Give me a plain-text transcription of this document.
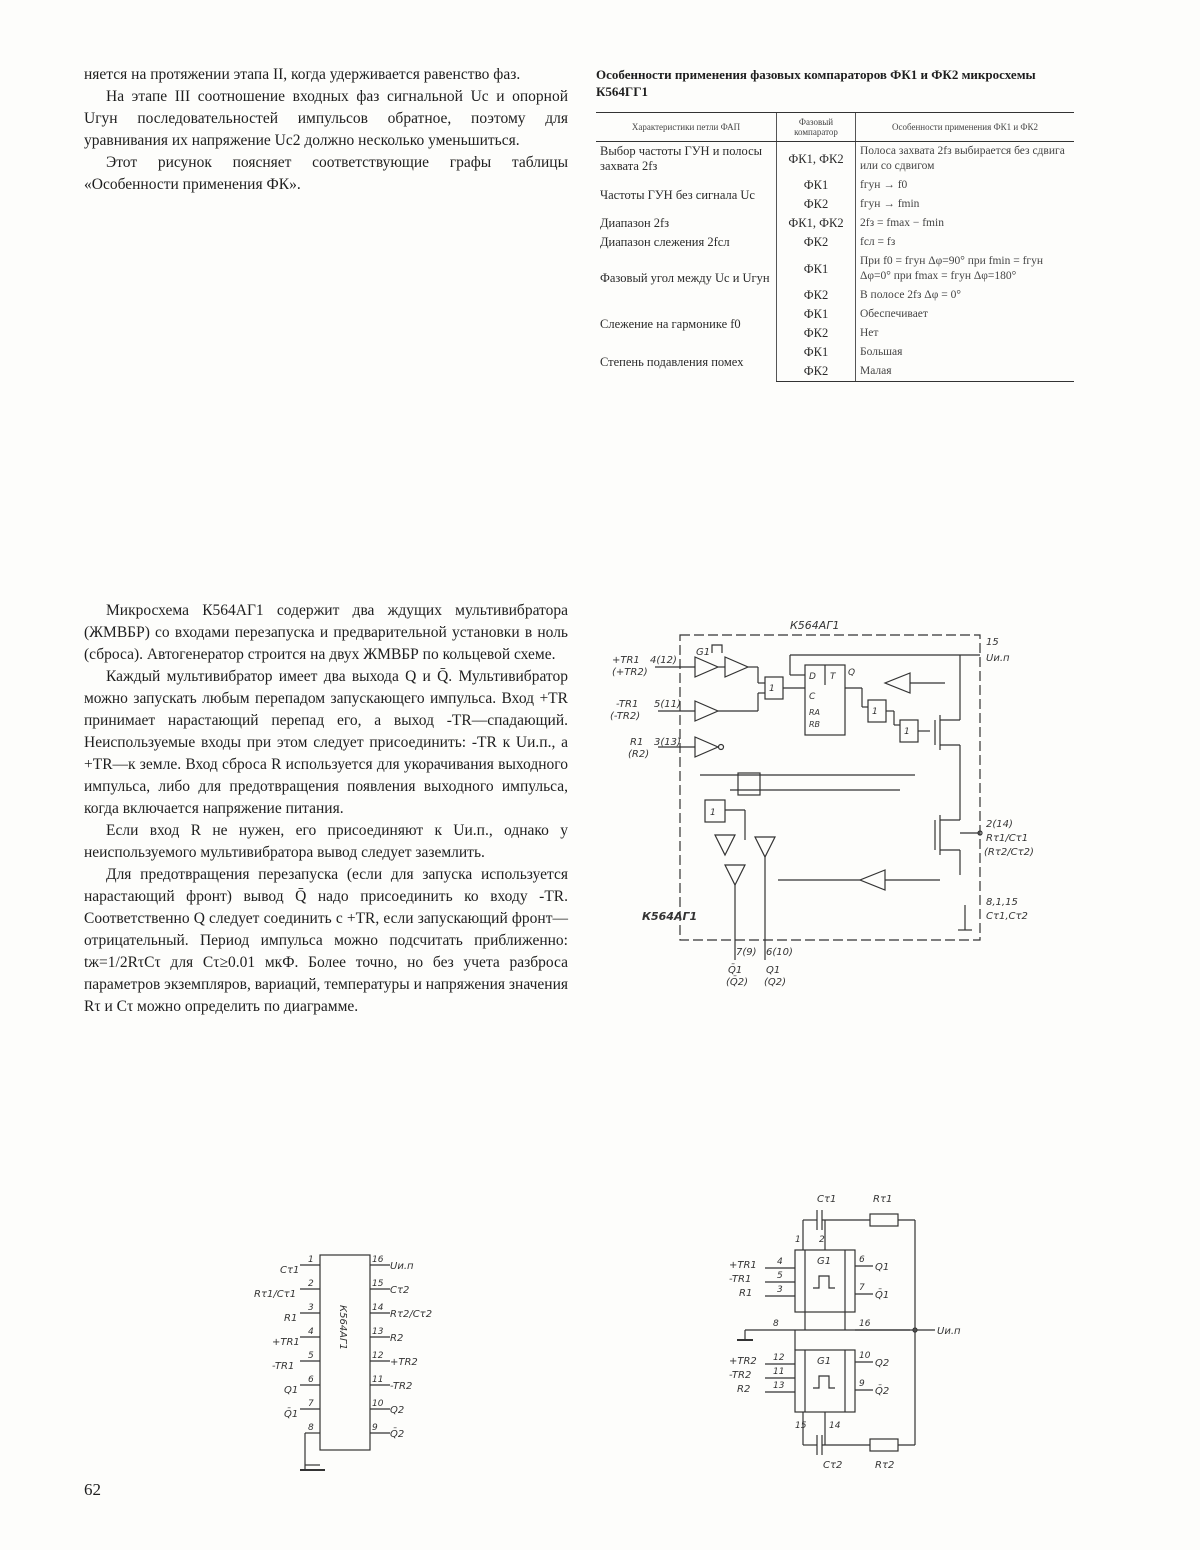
няется на протяжении этапа II, когда удерживается равенство фаз.

На этапе III соотношение входных фаз сигнальной Uc и опорной Uгун последовательностей импульсов обратное, поэтому для уравнивания их напряжение Uc2 должно несколько уменьшиться.

Этот рисунок поясняет соответствующие графы таблицы «Особенности применения ФК».

Особенности применения фазовых компараторов ФК1 и ФК2 микросхемы К564ГГ1
Характеристики петли ФАП	Фазовый компаратор	Особенности применения ФК1 и ФК2
Выбор частоты ГУН и полосы захвата 2fз	ФК1, ФК2	Полоса захвата 2fз выбирается без сдвига или со сдвигом
Частоты ГУН без сигнала Uc	ФК1	fгун → f0
	ФК2	fгун → fmin
Диапазон 2fз	ФК1, ФК2	2fз = fmax − fmin
Диапазон слежения 2fсл	ФК2	fсл = fз
Фазовый угол между Uc и Uгун	ФК1	При f0 = fгун Δφ=90° при fmin = fгун Δφ=0° при fmax = fгун Δφ=180°
	ФК2	В полосе 2fз Δφ = 0°
Слежение на гармонике f0	ФК1	Обеспечивает
	ФК2	Нет
Степень подавления помех	ФК1	Большая
	ФК2	Малая

Микросхема К564АГ1 содержит два ждущих мультивибратора (ЖМВБР) со входами перезапуска и предварительной установки в ноль (сброса). Автогенератор строится на двух ЖМВБР по кольцевой схеме.

Каждый мультивибратор имеет два выхода Q и Q̄. Мультивибратор можно запускать любым перепадом запускающего импульса. Вход +TR принимает нарастающий перепад его, а выход -TR—спадающий. Неиспользуемые входы при этом следует присоединить: -TR к Uи.п., а +TR—к земле. Вход сброса R используется для укорачивания выходного импульса, либо для предотвращения появления выходного импульса, когда включается напряжение питания.

Если вход R не нужен, его присоединяют к Uи.п., однако у неиспользуемого мультивибратора вывод следует заземлить.

Для предотвращения перезапуска (если для запуска используется нарастающий фронт) вывод Q̄ надо присоединить ко входу -TR. Соответственно Q следует соединить с +TR, если запускающий фронт—отрицательный. Период импульса можно подсчитать приближенно: tж=1/2RτCτ для Cτ≥0.01 мкФ. Более точно, но без учета разброса параметров экземпляров, вариаций, температуры и напряжения значения Rτ и Cτ можно определить по диаграмме.

К564АГ1
К564АГ1
+TR1
(+TR2)
4(12)
-TR1
(-TR2)
5(11)
R1
(R2)
3(13)
G1
1
D T
C
RA
RB
Q
1
1
1
15
Uи.п
2(14)
Rτ1/Cτ1
(Rτ2/Cτ2)
8,1,15
Cτ1,Cτ2
7(9) 6(10)
Q̄1
(Q̄2)
Q1
(Q2)
К564АГ1
1
Cτ1
2
Rτ1/Cτ1
3
R1
4
+TR1
5
-TR1
6
Q1
7
Q̄1
8
16
Uи.п
15
Cτ2
14
Rτ2/Cτ2
13
R2
12
+TR2
11
-TR2
10
Q2
9
Q̄2
Cτ1	Rτ1
1 2
G1
+TR1
-TR1
R1
4
5
3
6
7
Q1
Q̄1
8	16
Uи.п
G1
+TR2
-TR2
R2
12
11
13
10
9
Q2
Q̄2
15	14
Cτ2	Rτ2
62
